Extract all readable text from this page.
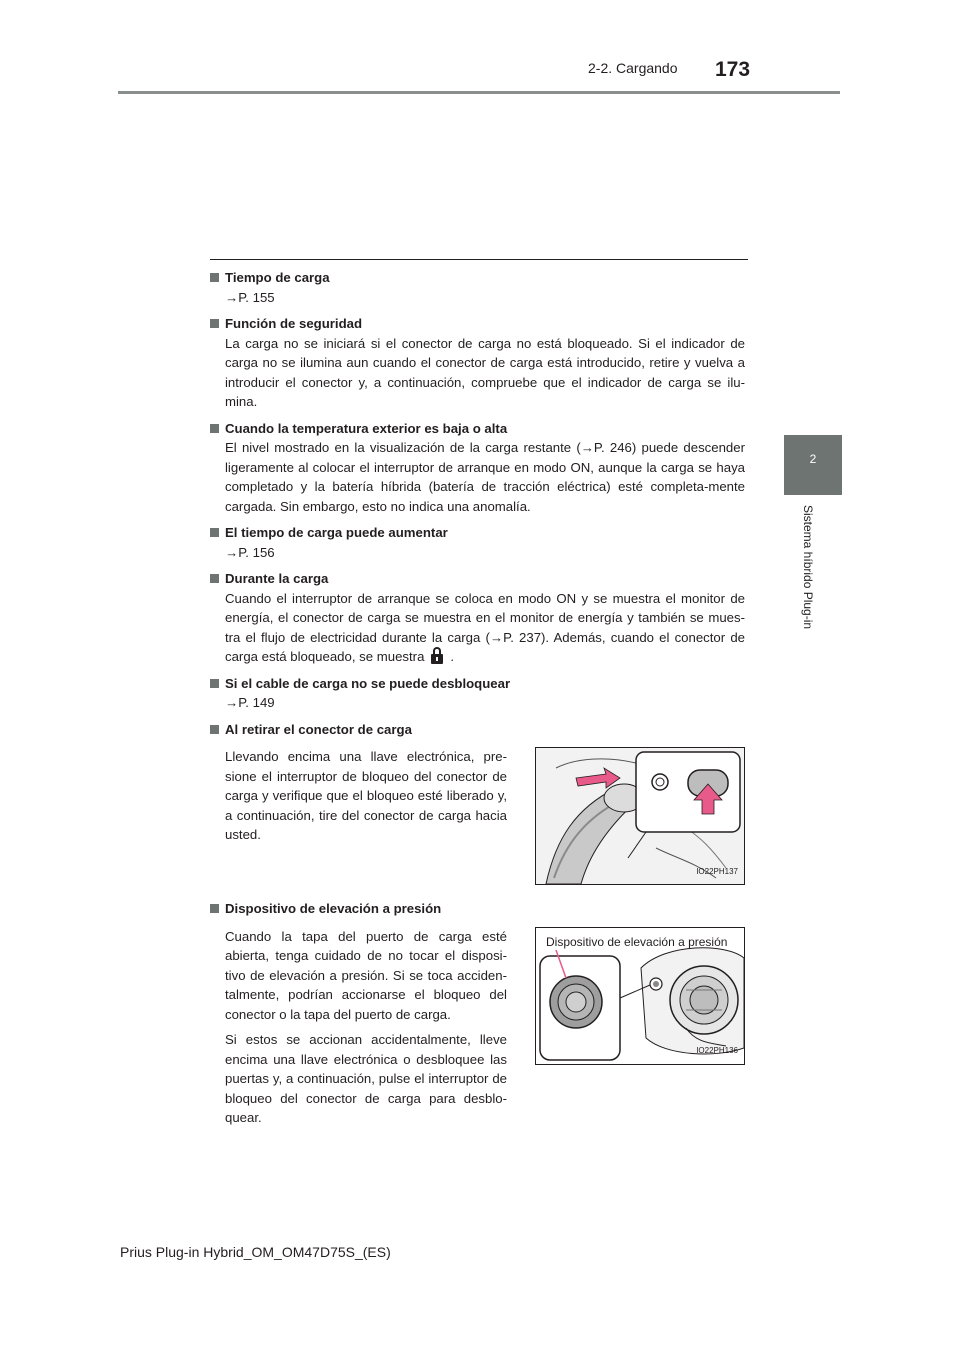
2-2. Cargando 173
2
Sistema híbrido Plug-in
Tiempo de carga
→P. 155
Función de seguridad
La carga no se iniciará si el conector de carga no está bloqueado. Si el indicador de carga no se ilumina aun cuando el conector de carga está introducido, retire y vuelva a introducir el conector y, a continuación, compruebe que el indicador de carga se ilu-mina.
Cuando la temperatura exterior es baja o alta
El nivel mostrado en la visualización de la carga restante (→P. 246) puede descender ligeramente al colocar el interruptor de arranque en modo ON, aunque la carga se haya completado y la batería híbrida (batería de tracción eléctrica) esté completa-mente cargada. Sin embargo, esto no indica una anomalía.
El tiempo de carga puede aumentar
→P. 156
Durante la carga
Cuando el interruptor de arranque se coloca en modo ON y se muestra el monitor de energía, el conector de carga se muestra en el monitor de energía y también se mues-tra el flujo de electricidad durante la carga (→P. 237). Además, cuando el conector de carga está bloqueado, se muestra .
Si el cable de carga no se puede desbloquear
→P. 149
Al retirar el conector de carga
Llevando encima una llave electrónica, pre-sione el interruptor de bloqueo del conector de carga y verifique que el bloqueo esté liberado y, a continuación, tire del conector de carga hacia usted.
IO22PH137
Dispositivo de elevación a presión

Cuando la tapa del puerto de carga esté abierta, tenga cuidado de no tocar el disposi-tivo de elevación a presión. Si se toca acciden-talmente, podrían accionarse el bloqueo del conector o la tapa del puerto de carga.

Si estos se accionan accidentalmente, lleve encima una llave electrónica o desbloquee las puertas y, a continuación, pulse el interruptor de bloqueo del conector de carga para desblo-quear.

Dispositivo de elevación a presión
IO22PH136
Prius Plug-in Hybrid_OM_OM47D75S_(ES)
